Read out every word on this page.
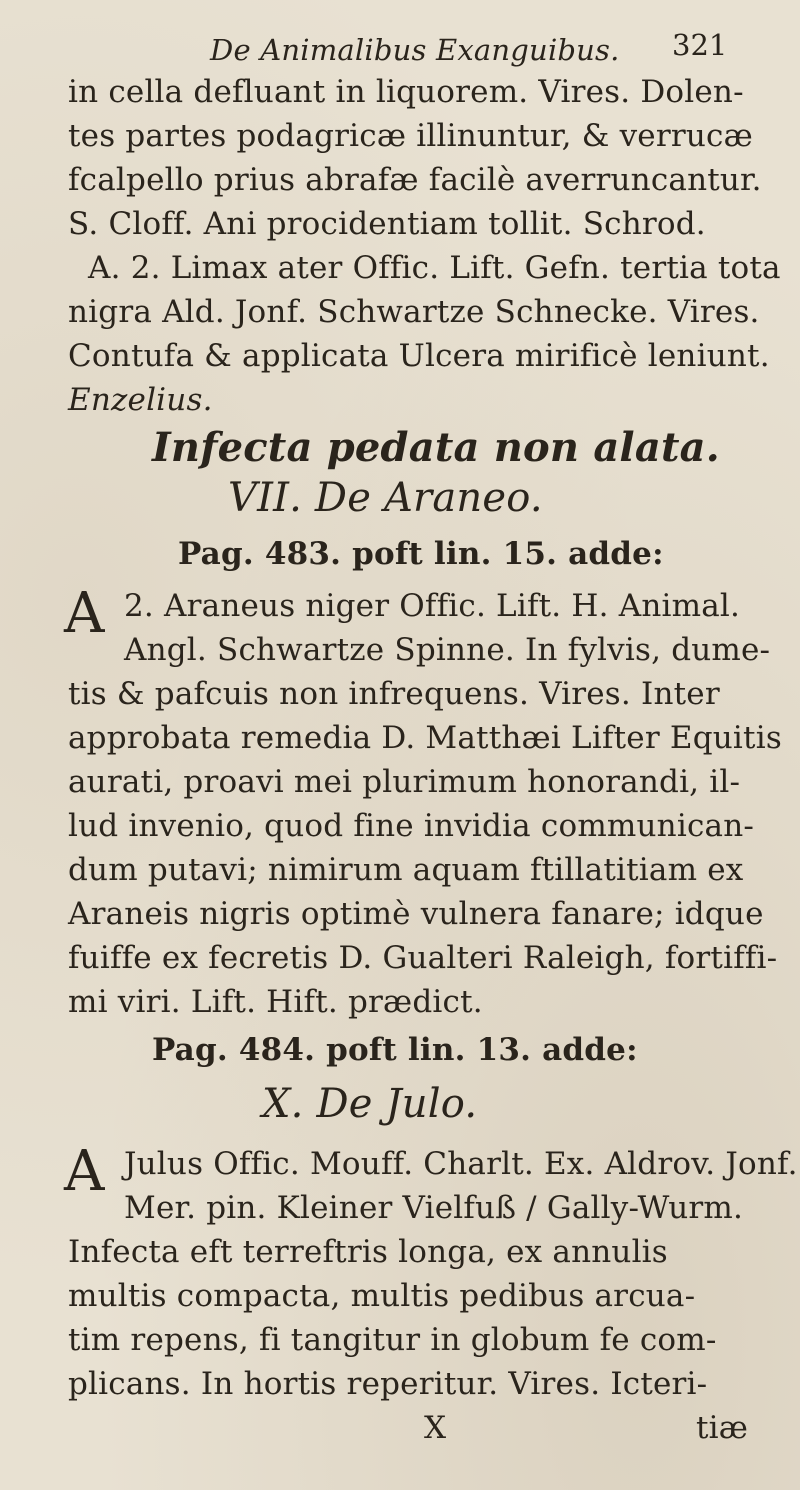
De Animalibus Exanguibus. 321
in cella defluant in liquorem. Vires. Dolen-
tes partes podagricæ illinuntur, & verrucæ
fcalpello prius abrafæ facilè averruncantur.
S. Cloff. Ani procidentiam tollit. Schrod.
A. 2. Limax ater Offic. Lift. Gefn. tertia tota
nigra Ald. Jonf. Schwartze Schnecke. Vires.
Contufa & applicata Ulcera mirificè leniunt.
Enzelius.
Infecta pedata non alata.
VII. De Araneo.
Pag. 483. poft lin. 15. adde:
A 2. Araneus niger Offic. Lift. H. Animal.
Angl. Schwartze Spinne. In fylvis, dume-
tis & pafcuis non infrequens. Vires. Inter
approbata remedia D. Matthæi Lifter Equitis
aurati, proavi mei plurimum honorandi, il-
lud invenio, quod fine invidia communican-
dum putavi; nimirum aquam ftillatitiam ex
Araneis nigris optimè vulnera fanare; idque
fuiffe ex fecretis D. Gualteri Raleigh, fortiffi-
mi viri. Lift. Hift. prædict.
Pag. 484. poft lin. 13. adde:
X. De Julo.
A Julus Offic. Mouff. Charlt. Ex. Aldrov. Jonf.
Mer. pin. Kleiner Vielfuß / Gally-Wurm.
Infecta eft terreftris longa, ex annulis
multis compacta, multis pedibus arcua-
tim repens, fi tangitur in globum fe com-
plicans. In hortis reperitur. Vires. Icteri-
X	tiæ
